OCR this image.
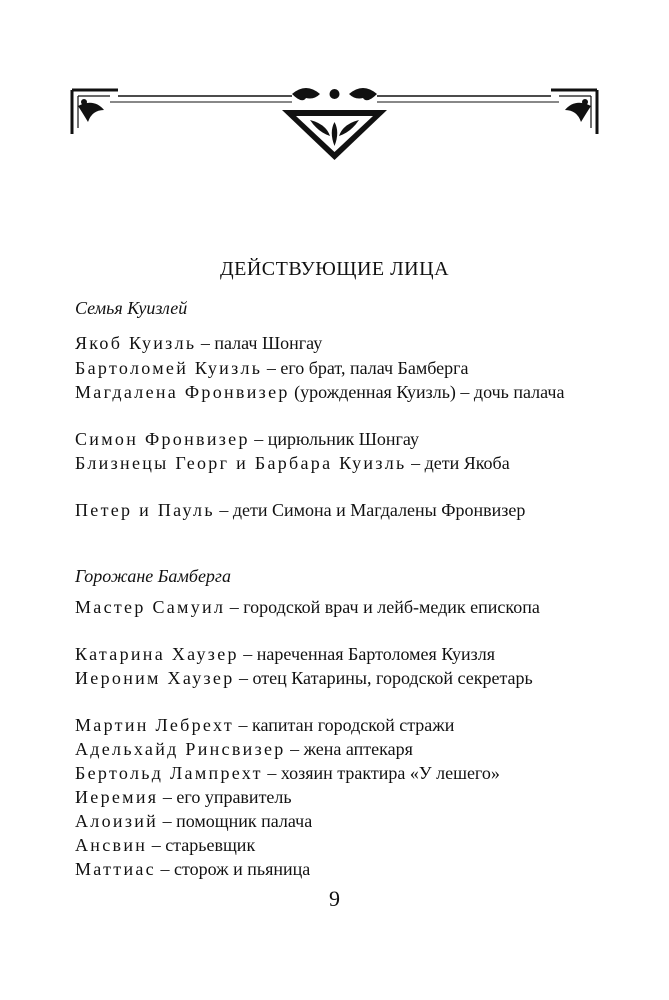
ДЕЙСТВУЮЩИЕ ЛИЦА
Семья Куизлей
Якоб Куизль – палач Шонгау
Бартоломей Куизль – его брат, палач Бамберга
Магдалена Фронвизер (урожденная Куизль) – дочь палача
Симон Фронвизер – цирюльник Шонгау
Близнецы Георг и Барбара Куизль – дети Якоба
Петер и Пауль – дети Симона и Магдалены Фронвизер
Горожане Бамберга
Мастер Самуил – городской врач и лейб-медик епископа
Катарина Хаузер – нареченная Бартоломея Куизля
Иероним Хаузер – отец Катарины, городской секретарь
Мартин Лебрехт – капитан городской стражи
Адельхайд Ринсвизер – жена аптекаря
Бертольд Лампрехт – хозяин трактира «У лешего»
Иеремия – его управитель
Алоизий – помощник палача
Ансвин – старьевщик
Маттиас – сторож и пьяница
9
